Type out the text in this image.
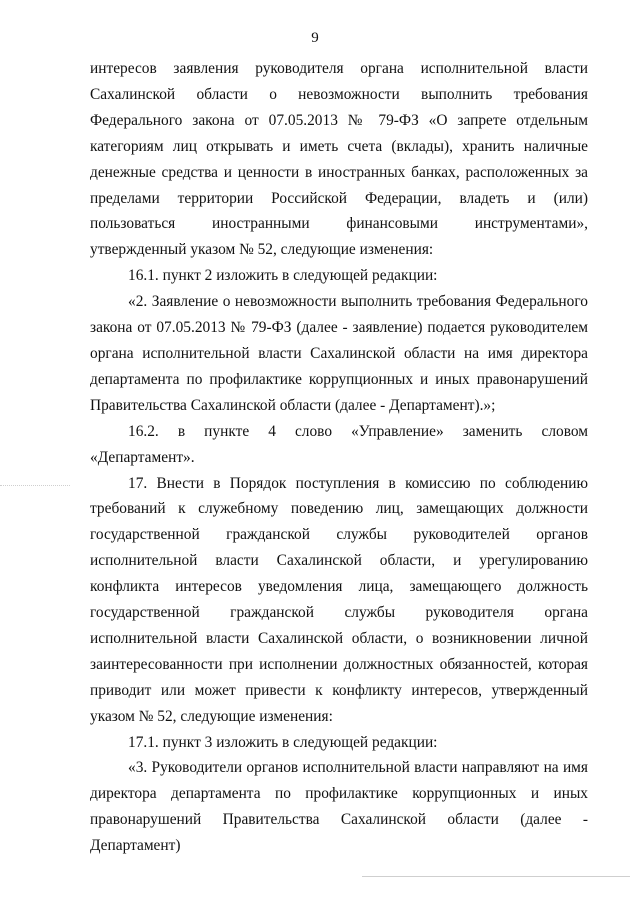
9

интересов заявления руководителя органа исполнительной власти Сахалинской области о невозможности выполнить требования Федерального закона от 07.05.2013 № 79-ФЗ «О запрете отдельным категориям лиц открывать и иметь счета (вклады), хранить наличные денежные средства и ценности в иностранных банках, расположенных за пределами территории Российской Федерации, владеть и (или) пользоваться иностранными финансовыми инструментами», утвержденный указом № 52, следующие изменения:

16.1. пункт 2 изложить в следующей редакции:

«2. Заявление о невозможности выполнить требования Федерального закона от 07.05.2013 № 79-ФЗ (далее - заявление) подается руководителем органа исполнительной власти Сахалинской области на имя директора департамента по профилактике коррупционных и иных правонарушений Правительства Сахалинской области (далее - Департамент).»;

16.2. в пункте 4 слово «Управление» заменить словом «Департамент».

17. Внести в Порядок поступления в комиссию по соблюдению требований к служебному поведению лиц, замещающих должности государственной гражданской службы руководителей органов исполнительной власти Сахалинской области, и урегулированию конфликта интересов уведомления лица, замещающего должность государственной гражданской службы руководителя органа исполнительной власти Сахалинской области, о возникновении личной заинтересованности при исполнении должностных обязанностей, которая приводит или может привести к конфликту интересов, утвержденный указом № 52, следующие изменения:

17.1. пункт 3 изложить в следующей редакции:

«3. Руководители органов исполнительной власти направляют на имя директора департамента по профилактике коррупционных и иных правонарушений Правительства Сахалинской области (далее - Департамент)
